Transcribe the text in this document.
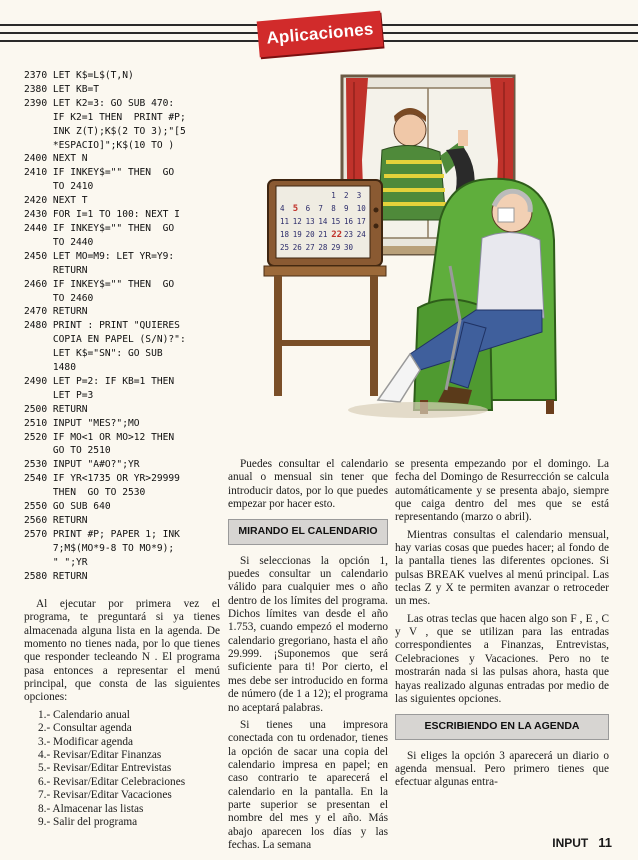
Aplicaciones
2370 LET K$=L$(T,N)
2380 LET KB=T
2390 LET K2=3: GO SUB 470:
IF K2=1 THEN  PRINT #P;
INK Z(T);K$(2 TO 3);"[5
*ESPACIO]";K$(10 TO )
2400 NEXT N
2410 IF INKEY$="" THEN  GO
TO 2410
2420 NEXT T
2430 FOR I=1 TO 100: NEXT I
2440 IF INKEY$="" THEN  GO
TO 2440
2450 LET MO=M9: LET YR=Y9:
RETURN
2460 IF INKEY$="" THEN  GO
TO 2460
2470 RETURN
2480 PRINT : PRINT "QUIERES
COPIA EN PAPEL (S/N)?":
LET K$="SN": GO SUB
1480
2490 LET P=2: IF KB=1 THEN
LET P=3
2500 RETURN
2510 INPUT "MES?";MO
2520 IF MO<1 OR MO>12 THEN
GO TO 2510
2530 INPUT "A#O?";YR
2540 IF YR<1735 OR YR>29999
THEN  GO TO 2530
2550 GO SUB 640
2560 RETURN
2570 PRINT #P; PAPER 1; INK
7;M$(MO*9-8 TO MO*9);
" ";YR
2580 RETURN
1 2 3
4 5 6 7 8 9 10
11 12 13 14 15 16 17
18 19 20 21 22 23 24
25 26 27 28 29 30

Al ejecutar por primera vez el programa, te preguntará si ya tienes almacenada alguna lista en la agenda. De momento no tienes nada, por lo que tienes que responder tecleando N . El programa pasa entonces a representar el menú principal, que consta de las siguientes opciones:

1.- Calendario anual
2.- Consultar agenda
3.- Modificar agenda
4.- Revisar/Editar Finanzas
5.- Revisar/Editar Entrevistas
6.- Revisar/Editar Celebraciones
7.- Revisar/Editar Vacaciones
8.- Almacenar las listas
9.- Salir del programa

Puedes consultar el calendario anual o mensual sin tener que introducir datos, por lo que puedes empezar por hacer esto.

MIRANDO EL CALENDARIO

Si seleccionas la opción 1, puedes consultar un calendario válido para cualquier mes o año dentro de los límites del programa. Dichos límites van desde el año 1.753, cuando empezó el moderno calendario gregoriano, hasta el año 29.999. ¡Suponemos que será suficiente para ti! Por cierto, el mes debe ser introducido en forma de número (de 1 a 12); el programa no aceptará palabras.

Si tienes una impresora conectada con tu ordenador, tienes la opción de sacar una copia del calendario impresa en papel; en caso contrario te aparecerá el calendario en la pantalla. En la parte superior se presentan el nombre del mes y el año. Más abajo aparecen los días y las fechas. La semana

se presenta empezando por el domingo. La fecha del Domingo de Resurrección se calcula automáticamente y se presenta abajo, siempre que caiga dentro del mes que se está representando (marzo o abril).

Mientras consultas el calendario mensual, hay varias cosas que puedes hacer; al fondo de la pantalla tienes las diferentes opciones. Si pulsas BREAK vuelves al menú principal. Las teclas Z y X te permiten avanzar o retroceder un mes.

Las otras teclas que hacen algo son F , E , C y V , que se utilizan para las entradas correspondientes a Finanzas, Entrevistas, Celebraciones y Vacaciones. Pero no te mostrarán nada si las pulsas ahora, hasta que hayas realizado algunas entradas por medio de las siguientes opciones.

ESCRIBIENDO EN LA AGENDA

Si eliges la opción 3 aparecerá un diario o agenda mensual. Pero primero tienes que efectuar algunas entra-

INPUT 11
